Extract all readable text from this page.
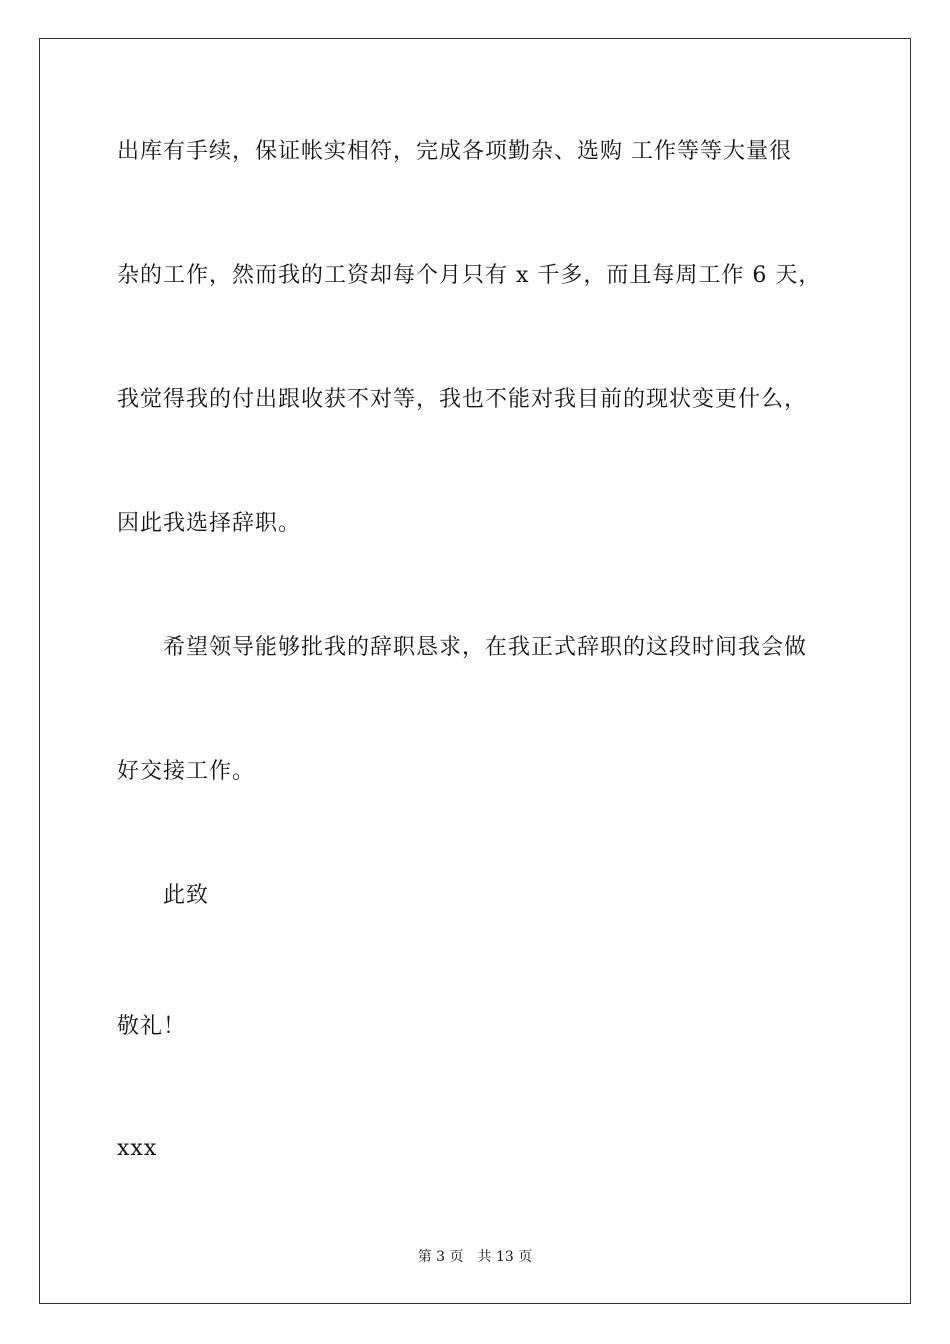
出库有手续，保证帐实相符，完成各项勤杂、选购 工作等等大量很
杂的工作，然而我的工资却每个月只有 x 千多，而且每周工作 6 天，
我觉得我的付出跟收获不对等，我也不能对我目前的现状变更什么，
因此我选择辞职。
希望领导能够批我的辞职恳求，在我正式辞职的这段时间我会做
好交接工作。
此致
敬礼！
xxx
第 3 页 共 13 页
